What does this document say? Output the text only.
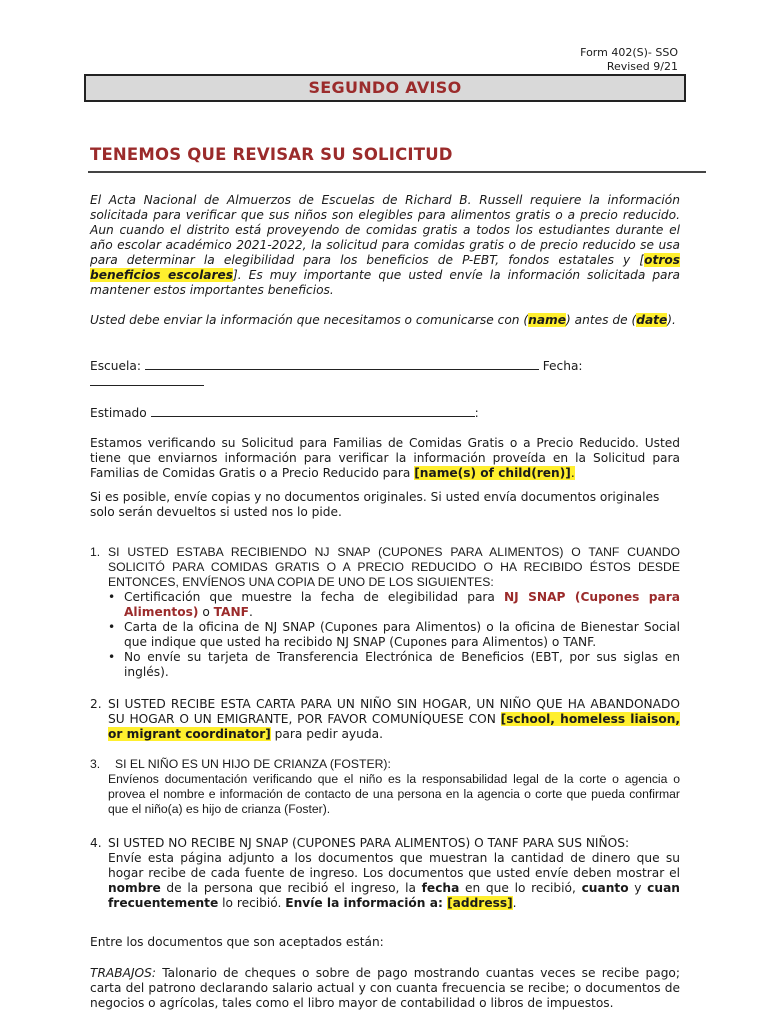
Form 402(S)- SSO
Revised 9/21
SEGUNDO AVISO
TENEMOS QUE REVISAR SU SOLICITUD
El Acta Nacional de Almuerzos de Escuelas de Richard B. Russell requiere la información solicitada para verificar que sus niños son elegibles para alimentos gratis o a precio reducido. Aun cuando el distrito está proveyendo de comidas gratis a todos los estudiantes durante el año escolar académico 2021-2022, la solicitud para comidas gratis o de precio reducido se usa para determinar la elegibilidad para los beneficios de P-EBT, fondos estatales y [otros beneficios escolares]. Es muy importante que usted envíe la información solicitada para mantener estos importantes beneficios.
Usted debe enviar la información que necesitamos o comunicarse con (name) antes de (date).
Escuela:	Fecha:
Estimado	:
Estamos verificando su Solicitud para Familias de Comidas Gratis o a Precio Reducido. Usted tiene que enviarnos información para verificar la información proveída en la Solicitud para Familias de Comidas Gratis o a Precio Reducido para [name(s) of child(ren)].
Si es posible, envíe copias y no documentos originales. Si usted envía documentos originales solo serán devueltos si usted nos lo pide.
1. SI USTED ESTABA RECIBIENDO NJ SNAP (CUPONES PARA ALIMENTOS) O TANF CUANDO SOLICITÓ PARA COMIDAS GRATIS O A PRECIO REDUCIDO O HA RECIBIDO ÉSTOS DESDE ENTONCES, ENVÍENOS UNA COPIA DE UNO DE LOS SIGUIENTES:
• Certificación que muestre la fecha de elegibilidad para NJ SNAP (Cupones para Alimentos) o TANF.
• Carta de la oficina de NJ SNAP (Cupones para Alimentos) o la oficina de Bienestar Social que indique que usted ha recibido NJ SNAP (Cupones para Alimentos) o TANF.
• No envíe su tarjeta de Transferencia Electrónica de Beneficios (EBT, por sus siglas en inglés).
2. SI USTED RECIBE ESTA CARTA PARA UN NIÑO SIN HOGAR, UN NIÑO QUE HA ABANDONADO SU HOGAR O UN EMIGRANTE, POR FAVOR COMUNÍQUESE CON [school, homeless liaison, or migrant coordinator] para pedir ayuda.
3. SI EL NIÑO ES UN HIJO DE CRIANZA (FOSTER):
Envíenos documentación verificando que el niño es la responsabilidad legal de la corte o agencia o provea el nombre e información de contacto de una persona en la agencia o corte que pueda confirmar que el niño(a) es hijo de crianza (Foster).
4. SI USTED NO RECIBE NJ SNAP (CUPONES PARA ALIMENTOS) O TANF PARA SUS NIÑOS:
Envíe esta página adjunto a los documentos que muestran la cantidad de dinero que su hogar recibe de cada fuente de ingreso. Los documentos que usted envíe deben mostrar el nombre de la persona que recibió el ingreso, la fecha en que lo recibió, cuanto y cuan frecuentemente lo recibió. Envíe la información a: [address].
Entre los documentos que son aceptados están:
TRABAJOS: Talonario de cheques o sobre de pago mostrando cuantas veces se recibe pago; carta del patrono declarando salario actual y con cuanta frecuencia se recibe; o documentos de negocios o agrícolas, tales como el libro mayor de contabilidad o libros de impuestos.
